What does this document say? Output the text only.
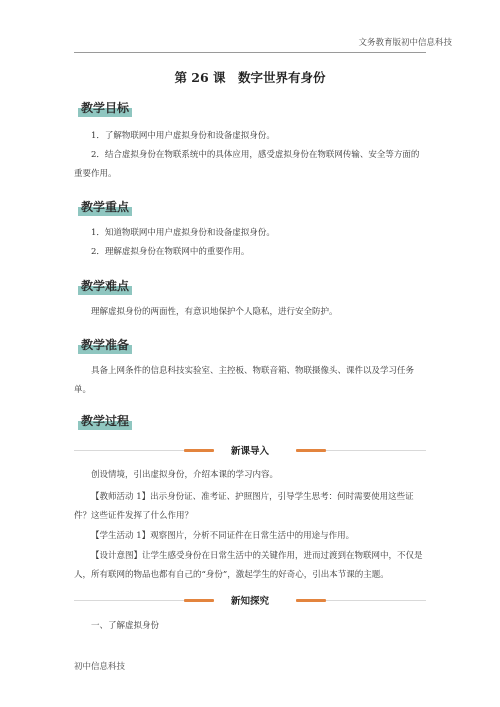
文务教育版初中信息科技
第 26 课　数字世界有身份
教学目标
1．了解物联网中用户虚拟身份和设备虚拟身份。
2．结合虚拟身份在物联系统中的具体应用，感受虚拟身份在物联网传输、安全等方面的重要作用。
教学重点
1．知道物联网中用户虚拟身份和设备虚拟身份。
2．理解虚拟身份在物联网中的重要作用。
教学难点
理解虚拟身份的两面性，有意识地保护个人隐私，进行安全防护。
教学准备
具备上网条件的信息科技实验室、主控板、物联音箱、物联摄像头、课件以及学习任务单。
教学过程
新课导入
创设情境，引出虚拟身份，介绍本课的学习内容。
【教师活动 1】出示身份证、准考证、护照图片，引导学生思考：何时需要使用这些证件？这些证件发挥了什么作用？
【学生活动 1】观察图片，分析不同证件在日常生活中的用途与作用。
【设计意图】让学生感受身份在日常生活中的关键作用，进而过渡到在物联网中，不仅是人，所有联网的物品也都有自己的“身份”，激起学生的好奇心，引出本节课的主题。
新知探究
一、了解虚拟身份
初中信息科技
